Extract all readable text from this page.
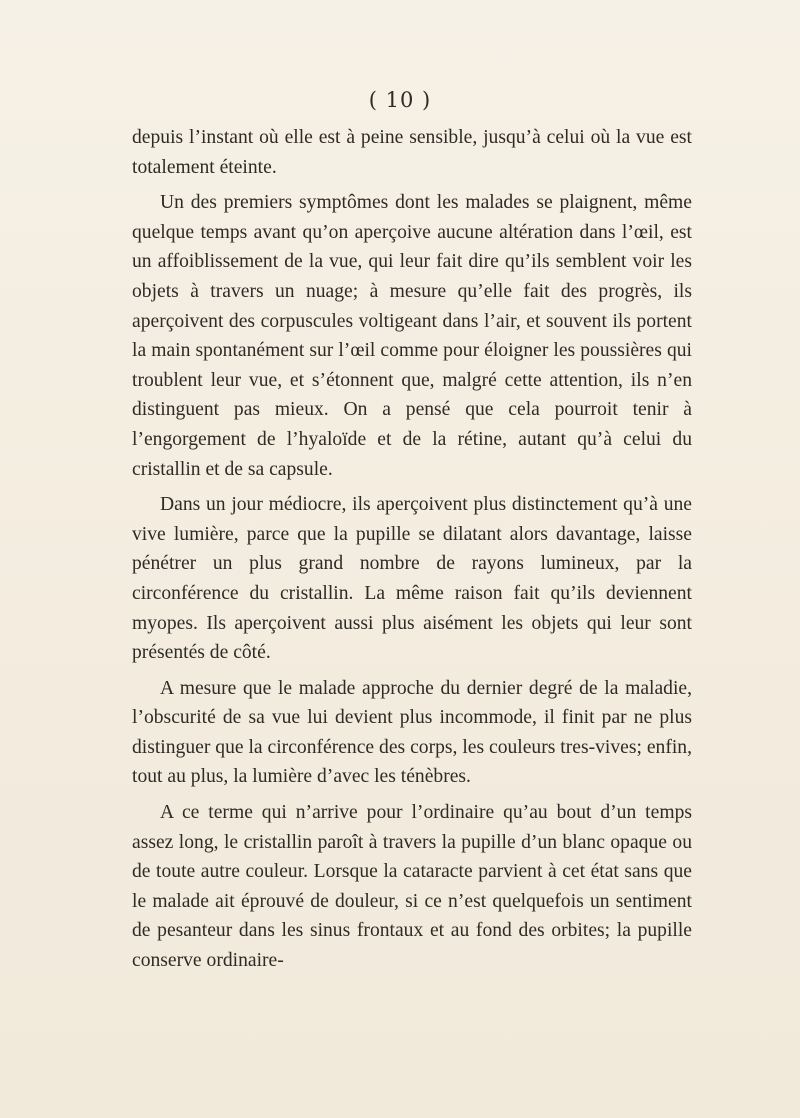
( 10 )

depuis l’instant où elle est à peine sensible, jusqu’à celui où la vue est totalement éteinte.

Un des premiers symptômes dont les malades se plaignent, même quelque temps avant qu’on aperçoive aucune altération dans l’œil, est un affoiblissement de la vue, qui leur fait dire qu’ils semblent voir les objets à travers un nuage; à mesure qu’elle fait des progrès, ils aperçoivent des corpuscules voltigeant dans l’air, et souvent ils portent la main spontanément sur l’œil comme pour éloigner les poussières qui troublent leur vue, et s’étonnent que, malgré cette attention, ils n’en distinguent pas mieux. On a pensé que cela pourroit tenir à l’engorgement de l’hyaloïde et de la rétine, autant qu’à celui du cristallin et de sa capsule.

Dans un jour médiocre, ils aperçoivent plus distinctement qu’à une vive lumière, parce que la pupille se dilatant alors davantage, laisse pénétrer un plus grand nombre de rayons lumineux, par la circonférence du cristallin. La même raison fait qu’ils deviennent myopes. Ils aperçoivent aussi plus aisément les objets qui leur sont présentés de côté.

A mesure que le malade approche du dernier degré de la maladie, l’obscurité de sa vue lui devient plus incommode, il finit par ne plus distinguer que la circonférence des corps, les couleurs tres-vives; enfin, tout au plus, la lumière d’avec les ténèbres.

A ce terme qui n’arrive pour l’ordinaire qu’au bout d’un temps assez long, le cristallin paroît à travers la pupille d’un blanc opaque ou de toute autre couleur. Lorsque la cataracte parvient à cet état sans que le malade ait éprouvé de douleur, si ce n’est quelquefois un sentiment de pesanteur dans les sinus frontaux et au fond des orbites; la pupille conserve ordinaire-
